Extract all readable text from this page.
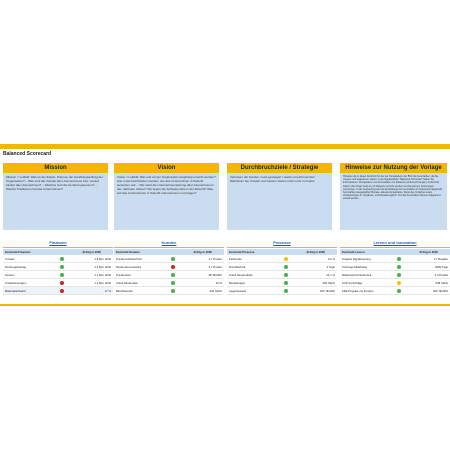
Balanced Scorecard
Mission
Mission = Leitbild: Was ist der Zweck, Purpose der Handlungsauftrag der Organisation? – Was sind die Vorteile des Unternehmens bzw. worauf basiert das Unternehmen? – Welches sind die Kernkompetenzen? – Welche Traditionen hat das Unternehmen?
Vision
Vision = Leitbild: Was soll mit der Organisation langfristig erreicht werden? Hier muss beschrieben werden, wie das Unternehmen in Zukunft aussehen soll. – Wie sieht die Unternehmensleitung das Unternehmen in den nächsten Jahren? Wo liegen die Schwerpunkte in der Zukunft? Was soll das Unternehmen in Zukunft unternehmen und prägen?
Durchbruchziele / Strategie
Vertrauen der Kunden muss gesteigert / wieder erreicht werden! Wachstum bei Umsatz und Gewinn stehen nicht mehr im Fokus.
Hinweise zur Nutzung der Vorlage
Hinweise die in dieser Abschnitt für die vier Perspektiven der BSC die Kennzahlen, die Sie messen und analysieren wollen. In der Registerkarte "Balanced Scorecard" haben Sie Informationen: Perspektiven und Kennzahlen von Zielwerte (Vorberechnungen), Fortschritt, Istwert. Die Ampel zeigt an, ob Zielwerte erreicht wurden und Sie können Änderungen vornehmen. In der Auswertung wird die Entwicklung der Kennzahlen im Zeitverlauf dargestellt. Kennzahlen ausgewählter Monate, aktuelle Ampelstatus, Werte des Vorjahres sowie Veränderungen im Vorjahres- und Monatsvergleich. Für alle Kennzahlen können Diagramme erstellt werden.
Finanzen
Kennzahl Finanzen	Erfolg in 2020
Umsatz	1,8 Mio. EUR
Deckungsbeitrag	1,4 Mio. EUR
Gewinn	1,1 Mio. EUR
Umlaufvermögen	1,2 Mio. EUR
Materialaufwand	17 %
Kunden
Kennzahl Kunden	Erfolg in 2020
Kundenzufriedenheit	4,7 Punkte
Neukundenzuwachs	3,7 Punkte
Kundenwert	48 TEURO
Anteil Neukunden	19 %
Beschwerden	200 Stück
Prozesse
Kennzahl Prozesse	Erfolg in 2020
Fehlerrate	0,2 %
Durchlaufzeit	4 Tage
Anteil Neuprodukte	21,1 %
Bestellungen	300 Stück
Lagerbestand	420 TEURO
Lernen und Innovation
Kennzahl Lernen	Erfolg in 2020
Projekte Digitalisierung	17 Projekte
Trainings Mitarbeiter	3200 Tage
Mitarbeiterzufriedenheit	2,4 Punkte
KVP-Vorschläge	548 Stück
F&E Projekte mit Kunden	200 TEURO
